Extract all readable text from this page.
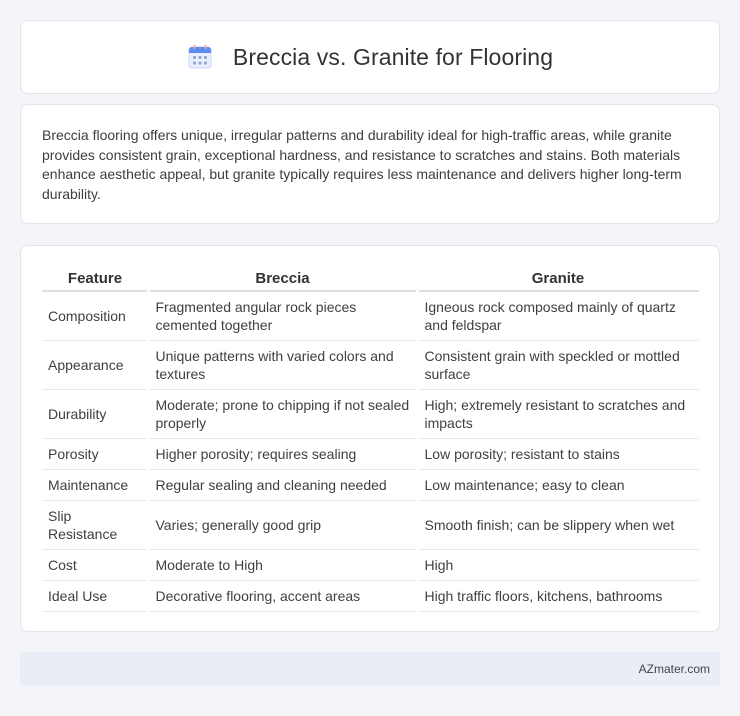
Breccia vs. Granite for Flooring

Breccia flooring offers unique, irregular patterns and durability ideal for high-traffic areas, while granite provides consistent grain, exceptional hardness, and resistance to scratches and stains. Both materials enhance aesthetic appeal, but granite typically requires less maintenance and delivers higher long-term durability.

Feature	Breccia	Granite
Composition	Fragmented angular rock pieces cemented together	Igneous rock composed mainly of quartz and feldspar
Appearance	Unique patterns with varied colors and textures	Consistent grain with speckled or mottled surface
Durability	Moderate; prone to chipping if not sealed properly	High; extremely resistant to scratches and impacts
Porosity	Higher porosity; requires sealing	Low porosity; resistant to stains
Maintenance	Regular sealing and cleaning needed	Low maintenance; easy to clean
Slip Resistance	Varies; generally good grip	Smooth finish; can be slippery when wet
Cost	Moderate to High	High
Ideal Use	Decorative flooring, accent areas	High traffic floors, kitchens, bathrooms
AZmater.com
